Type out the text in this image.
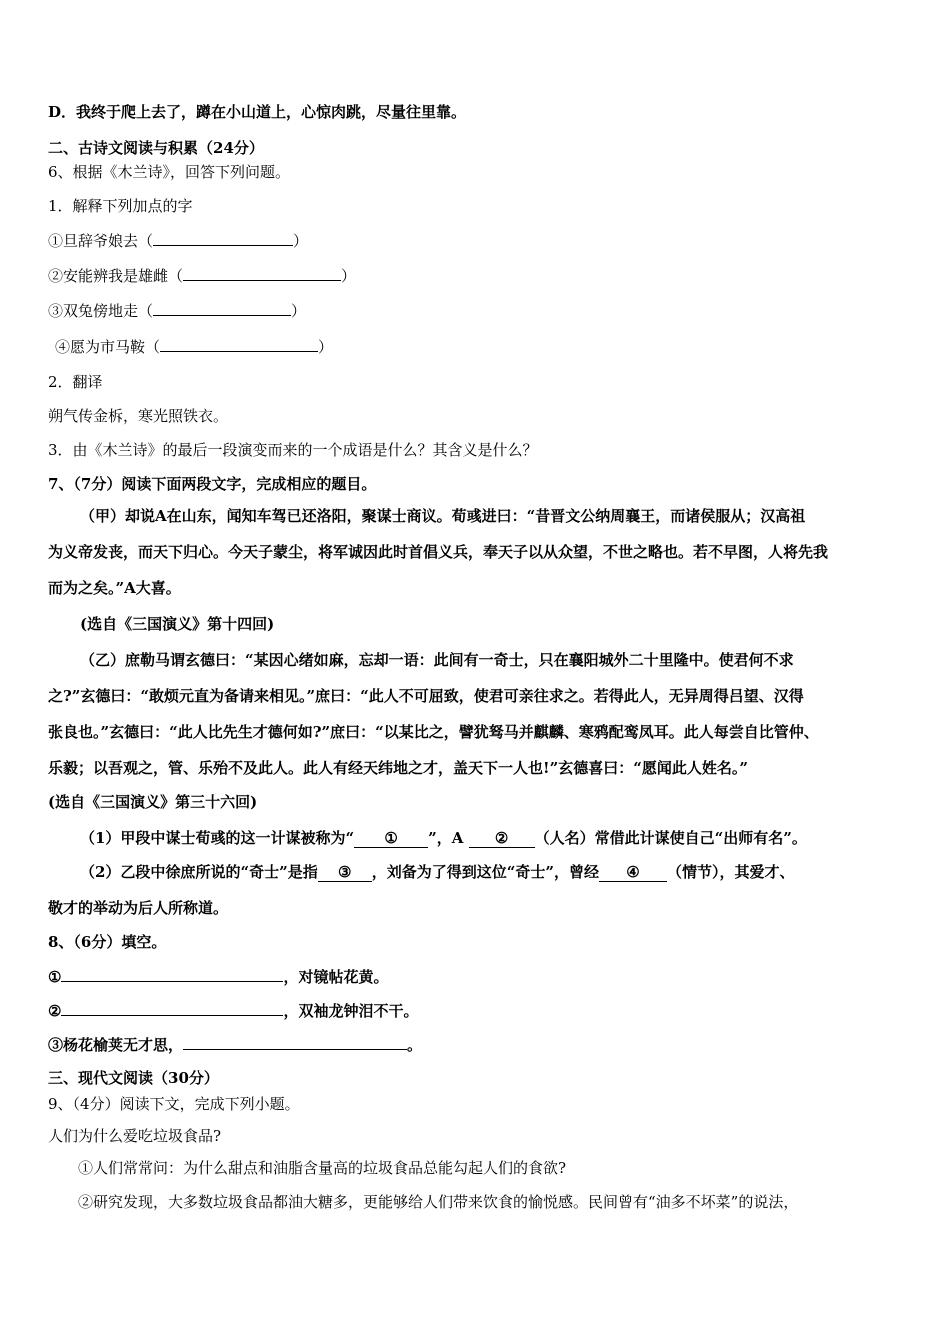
D．我终于爬上去了，蹲在小山道上，心惊肉跳，尽量往里靠。
二、古诗文阅读与积累（24分）
6、根据《木兰诗》，回答下列问题。
1．解释下列加点的字
①旦辞爷娘去（	）
②安能辨我是雄雌（	）
③双兔傍地走（	）
④愿为市马鞍（	）
2．翻译
朔气传金柝，寒光照铁衣。
3．由《木兰诗》的最后一段演变而来的一个成语是什么？其含义是什么？
7、（7分）阅读下面两段文字，完成相应的题目。
（甲）却说A在山东，闻知车驾已还洛阳，聚谋士商议。荀彧进曰：“昔晋文公纳周襄王，而诸侯服从；汉高祖
为义帝发丧，而天下归心。今天子蒙尘，将军诚因此时首倡义兵，奉天子以从众望，不世之略也。若不早图，人将先我
而为之矣。”A大喜。
(选自《三国演义》第十四回)
（乙）庶勒马谓玄德曰：“某因心绪如麻，忘却一语：此间有一奇士，只在襄阳城外二十里隆中。使君何不求
之?”玄德曰：“敢烦元直为备请来相见。”庶曰：“此人不可屈致，使君可亲往求之。若得此人，无异周得吕望、汉得
张良也。”玄德曰：“此人比先生才德何如?”庶曰：“以某比之，譬犹驽马并麒麟、寒鸦配鸾凤耳。此人每尝自比管仲、
乐毅；以吾观之，管、乐殆不及此人。此人有经天纬地之才，盖天下一人也!”玄德喜曰：“愿闻此人姓名。”
(选自《三国演义》第三十六回)
（1）甲段中谋士荀彧的这一计谋被称为“ ① ”，A ② （人名）常借此计谋使自己“出师有名”。
（2）乙段中徐庶所说的“奇士”是指 ③ ，刘备为了得到这位“奇士”，曾经 ④ （情节），其爱才、
敬才的举动为后人所称道。
8、（6分）填空。
①	，对镜帖花黄。
②	，双袖龙钟泪不干。
③杨花榆荚无才思，	。
三、现代文阅读（30分）
9、（4分）阅读下文，完成下列小题。
人们为什么爱吃垃圾食品?
①人们常常问：为什么甜点和油脂含量高的垃圾食品总能勾起人们的食欲?
②研究发现，大多数垃圾食品都油大糖多，更能够给人们带来饮食的愉悦感。民间曾有“油多不坏菜”的说法，
